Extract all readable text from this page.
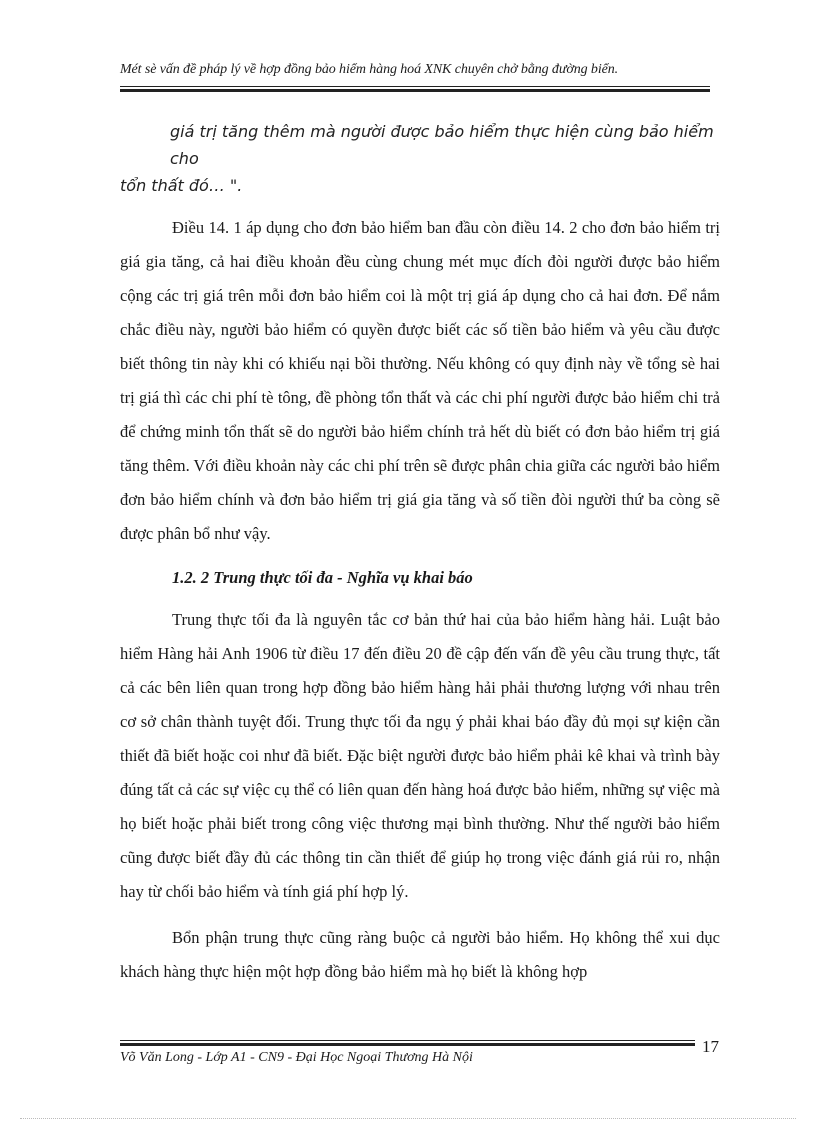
Mét sè vấn đề pháp lý về hợp đồng bảo hiểm hàng hoá XNK chuyên chở bằng đường biển.
giá trị tăng thêm mà người được bảo hiểm thực hiện cùng bảo hiểm cho
tổn thất đó… ".

Điều 14. 1 áp dụng cho đơn bảo hiểm ban đầu còn điều 14. 2 cho đơn bảo hiểm trị giá gia tăng, cả hai điều khoản đều cùng chung mét mục đích đòi người được bảo hiểm cộng các trị giá trên mỗi đơn bảo hiểm coi là một trị giá áp dụng cho cả hai đơn. Để nắm chắc điều này, người bảo hiểm có quyền được biết các số tiền bảo hiểm và yêu cầu được biết thông tin này khi có khiếu nại bồi thường. Nếu không có quy định này về tổng sè hai trị giá thì các chi phí tè tông, đề phòng tổn thất và các chi phí người được bảo hiểm chi trả để chứng minh tổn thất sẽ do người bảo hiểm chính trả hết dù biết có đơn bảo hiểm trị giá tăng thêm. Với điều khoản này các chi phí trên sẽ được phân chia giữa các người bảo hiểm đơn bảo hiểm chính và đơn bảo hiểm trị giá gia tăng và số tiền đòi người thứ ba còng sẽ được phân bổ như vậy.

1.2. 2 Trung thực tối đa - Nghĩa vụ khai báo

Trung thực tối đa là nguyên tắc cơ bản thứ hai của bảo hiểm hàng hải. Luật bảo hiểm Hàng hải Anh 1906 từ điều 17 đến điều 20 đề cập đến vấn đề yêu cầu trung thực, tất cả các bên liên quan trong hợp đồng bảo hiểm hàng hải phải thương lượng với nhau trên cơ sở chân thành tuyệt đối. Trung thực tối đa ngụ ý phải khai báo đầy đủ mọi sự kiện cần thiết đã biết hoặc coi như đã biết. Đặc biệt người được bảo hiểm phải kê khai và trình bày đúng tất cả các sự việc cụ thể có liên quan đến hàng hoá được bảo hiểm, những sự việc mà họ biết hoặc phải biết trong công việc thương mại bình thường. Như thế người bảo hiểm cũng được biết đầy đủ các thông tin cần thiết để giúp họ trong việc đánh giá rủi ro, nhận hay từ chối bảo hiểm và tính giá phí hợp lý.

Bổn phận trung thực cũng ràng buộc cả người bảo hiểm. Họ không thể xui dục khách hàng thực hiện một hợp đồng bảo hiểm mà họ biết là không hợp

17
Võ Văn Long - Lớp A1 - CN9 - Đại Học Ngoại Thương Hà Nội
